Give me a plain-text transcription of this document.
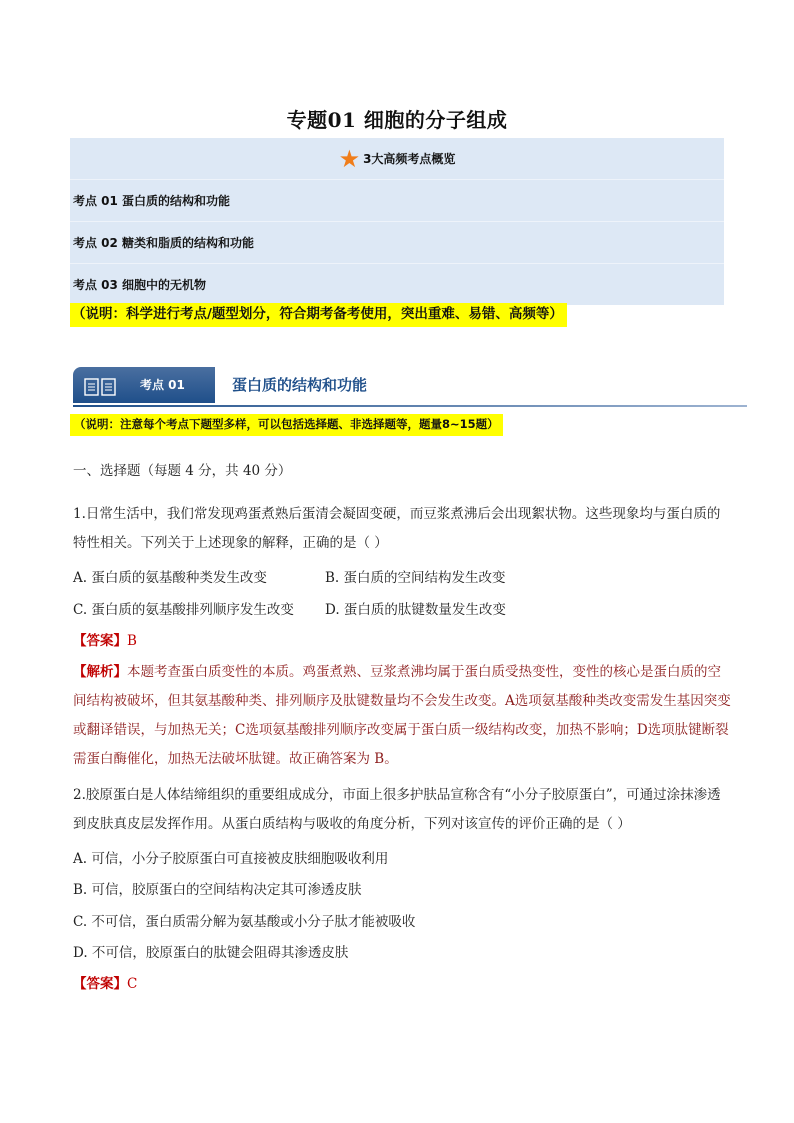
专题01 细胞的分子组成
★ 3大高频考点概览
考点 01 蛋白质的结构和功能
考点 02 糖类和脂质的结构和功能
考点 03 细胞中的无机物
（说明：科学进行考点/题型划分，符合期考备考使用，突出重难、易错、高频等）
考点 01	蛋白质的结构和功能
（说明：注意每个考点下题型多样，可以包括选择题、非选择题等，题量8~15题）
一、选择题（每题 4 分，共 40 分）
1.日常生活中，我们常发现鸡蛋煮熟后蛋清会凝固变硬，而豆浆煮沸后会出现絮状物。这些现象均与蛋白质的特性相关。下列关于上述现象的解释，正确的是（ ）
A. 蛋白质的氨基酸种类发生改变	B. 蛋白质的空间结构发生改变
C. 蛋白质的氨基酸排列顺序发生改变 D. 蛋白质的肽键数量发生改变
【答案】B
【解析】本题考查蛋白质变性的本质。鸡蛋煮熟、豆浆煮沸均属于蛋白质受热变性，变性的核心是蛋白质的空间结构被破坏，但其氨基酸种类、排列顺序及肽键数量均不会发生改变。A选项氨基酸种类改变需发生基因突变或翻译错误，与加热无关；C选项氨基酸排列顺序改变属于蛋白质一级结构改变，加热不影响；D选项肽键断裂需蛋白酶催化，加热无法破坏肽键。故正确答案为 B。
2.胶原蛋白是人体结缔组织的重要组成成分，市面上很多护肤品宣称含有“小分子胶原蛋白”，可通过涂抹渗透到皮肤真皮层发挥作用。从蛋白质结构与吸收的角度分析，下列对该宣传的评价正确的是（ ）
A. 可信，小分子胶原蛋白可直接被皮肤细胞吸收利用
B. 可信，胶原蛋白的空间结构决定其可渗透皮肤
C. 不可信，蛋白质需分解为氨基酸或小分子肽才能被吸收
D. 不可信，胶原蛋白的肽键会阻碍其渗透皮肤
【答案】C
